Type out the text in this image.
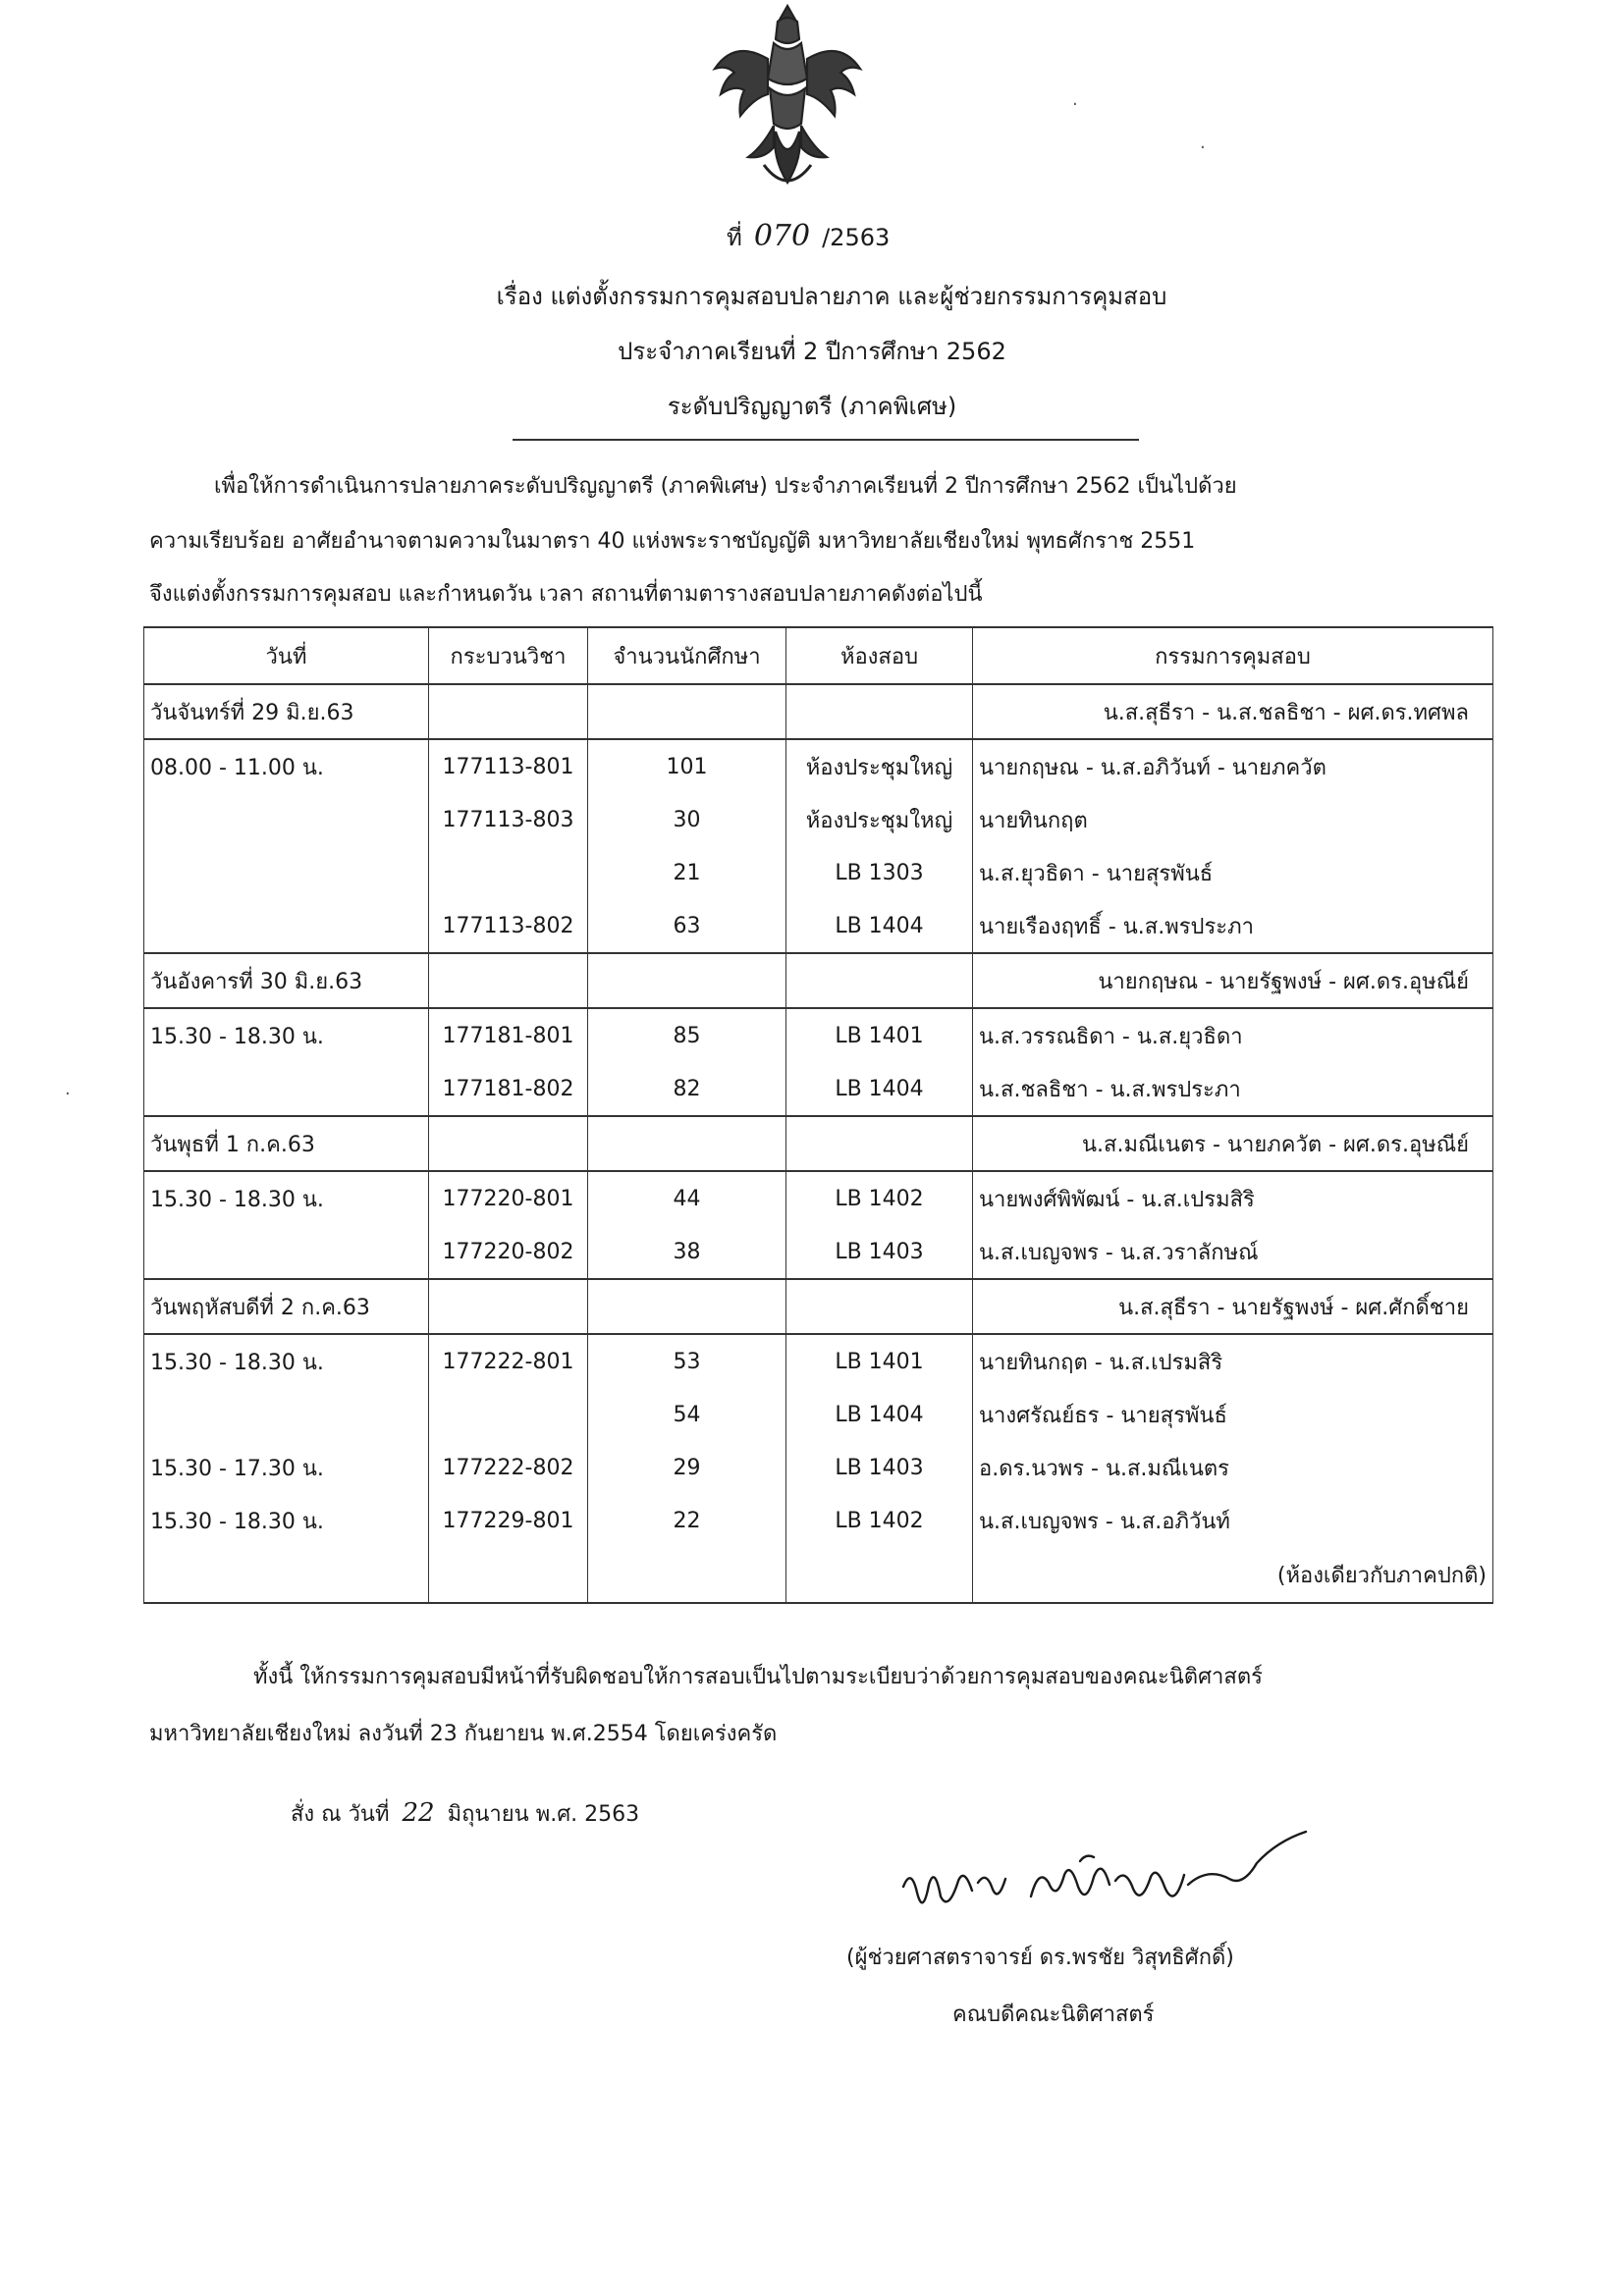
ที่ 070 /2563
เรื่อง แต่งตั้งกรรมการคุมสอบปลายภาค และผู้ช่วยกรรมการคุมสอบ
ประจำภาคเรียนที่ 2 ปีการศึกษา 2562
ระดับปริญญาตรี (ภาคพิเศษ)
เพื่อให้การดำเนินการปลายภาคระดับปริญญาตรี (ภาคพิเศษ) ประจำภาคเรียนที่ 2 ปีการศึกษา 2562 เป็นไปด้วย
ความเรียบร้อย อาศัยอำนาจตามความในมาตรา 40 แห่งพระราชบัญญัติ มหาวิทยาลัยเชียงใหม่ พุทธศักราช 2551
จึงแต่งตั้งกรรมการคุมสอบ และกำหนดวัน เวลา สถานที่ตามตารางสอบปลายภาคดังต่อไปนี้
วันที่	กระบวนวิชา	จำนวนนักศึกษา	ห้องสอบ	กรรมการคุมสอบ
วันจันทร์ที่ 29 มิ.ย.63				น.ส.สุธีรา - น.ส.ชลธิชา - ผศ.ดร.ทศพล
08.00 - 11.00 น.	177113-801	101	ห้องประชุมใหญ่	นายกฤษณ - น.ส.อภิวันท์ - นายภควัต
	177113-803	30	ห้องประชุมใหญ่	นายทินกฤต
		21	LB 1303	น.ส.ยุวธิดา - นายสุรพันธ์
	177113-802	63	LB 1404	นายเรืองฤทธิ์ - น.ส.พรประภา
วันอังคารที่ 30 มิ.ย.63				นายกฤษณ - นายรัฐพงษ์ - ผศ.ดร.อุษณีย์
15.30 - 18.30 น.	177181-801	85	LB 1401	น.ส.วรรณธิดา - น.ส.ยุวธิดา
	177181-802	82	LB 1404	น.ส.ชลธิชา - น.ส.พรประภา
วันพุธที่ 1 ก.ค.63				น.ส.มณีเนตร - นายภควัต - ผศ.ดร.อุษณีย์
15.30 - 18.30 น.	177220-801	44	LB 1402	นายพงศ์พิพัฒน์ - น.ส.เปรมสิริ
	177220-802	38	LB 1403	น.ส.เบญจพร - น.ส.วราลักษณ์
วันพฤหัสบดีที่ 2 ก.ค.63				น.ส.สุธีรา - นายรัฐพงษ์ - ผศ.ศักดิ์ชาย
15.30 - 18.30 น.	177222-801	53	LB 1401	นายทินกฤต - น.ส.เปรมสิริ
		54	LB 1404	นางศรัณย์ธร - นายสุรพันธ์
15.30 - 17.30 น.	177222-802	29	LB 1403	อ.ดร.นวพร - น.ส.มณีเนตร
15.30 - 18.30 น.	177229-801	22	LB 1402	น.ส.เบญจพร - น.ส.อภิวันท์
				(ห้องเดียวกับภาคปกติ)
ทั้งนี้ ให้กรรมการคุมสอบมีหน้าที่รับผิดชอบให้การสอบเป็นไปตามระเบียบว่าด้วยการคุมสอบของคณะนิติศาสตร์
มหาวิทยาลัยเชียงใหม่ ลงวันที่ 23 กันยายน พ.ศ.2554 โดยเคร่งครัด
สั่ง ณ วันที่ 22 มิถุนายน พ.ศ. 2563
(ผู้ช่วยศาสตราจารย์ ดร.พรชัย วิสุทธิศักดิ์)
คณบดีคณะนิติศาสตร์
·
·
·
